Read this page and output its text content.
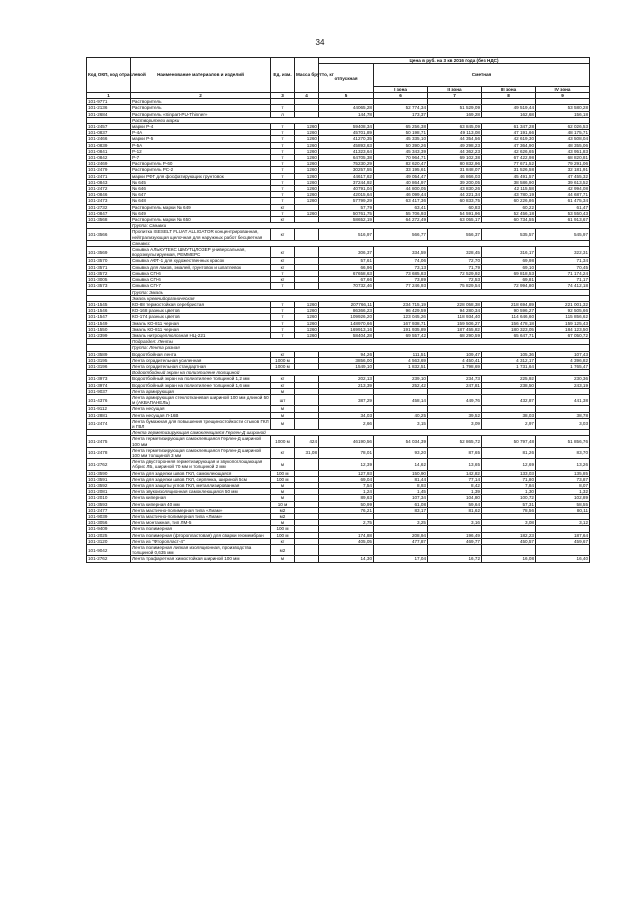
34
Код ОКП, код отраслевой	Наименование материалов и изделий	Ед. изм.	Масса брутто, кг	Цена в руб. на 3 кв 2016 года (без НДС)				
				отпускная	Сметная			
					I зона	II зона	III зона	IV зона
1	2	3	4	5	6	7	8	9
101-9771	Растворитель							
101-2136	Растворитель	т		44065,28	52 774,34	51 529,09	49 519,44	53 580,28
101-2684	Растворитель «Sinpart-PU-Thinner»	л		144,78	173,37	169,28	162,68	156,18
	Растворители марки							
101-2457	марки Р-4	т	1260	59408,34	65 256,38	63 845,09	61 347,28	62 026,53
101-0837	Р-4А	т	1260	45701,89	50 198,71	49 113,08	47 191,66	48 175,71
101-2466	марки Р-5	т	1260	41270,35	45 335,10	44 354,56	42 619,30	43 508,04
101-0839	Р-5А	т	1260	45893,63	50 390,26	49 298,23	47 364,90	48 355,06
101-0841	Р-12	т	1260	41323,64	45 343,39	44 362,23	42 626,65	43 951,83
101-0842	Р-7	т	1260	64705,38	70 964,71	69 102,38	67 422,98	68 820,81
101-2469	Растворитель Р-60	т	1260	75230,29	82 620,47	80 832,96	77 671,52	79 291,06
101-2479	Растворитель РС-2	т	1260	30257,55	33 195,61	31 848,07	31 526,58	32 181,91
101-2471	марки РФГ для фосфатирующих грунтовок	т	1260	44617,62	49 054,47	46 866,03	45 491,57	47 455,32
101-0843	№ 645	т	1260	37244,92	40 864,97	39 200,05	38 586,90	39 613,52
101-2472	№ 646	т	1260	40791,04	44 800,05	43 830,26	42 115,58	42 994,08
101-0846	№ 647	т	1260	42015,64	46 099,44	44 221,34	43 780,19	44 687,71
101-2473	№ 648	т	1260	57799,29	63 417,36	60 833,75	60 226,86	61 475,34
101-2732	Растворитель марки № 649	кг		57,79	63,41	60,83	60,22	61,47
101-0847	№ 649	т	1260	50761,75	55 706,93	54 591,96	52 456,18	53 550,43
101-3568	Растворитель марки № 650	кг		58652,19	64 272,49	63 055,17	60 734,55	61 913,67
	Группа: Смывки							
101-3566	Пропитка ISESELT FLUAT ALLIGATOR концентрированная, нейтрализующая щелочная для наружных работ бесцветная	кг		516,97	566,77	556,37	535,57	545,97
	Смывки:							
101-3569	Смывка АЛЬКУТЕКС ШМУТЦЛОЗЕР универсальная, водоэмульгируемая, РЕММЕРС	кг		306,37	334,59	328,45	316,17	322,31
101-3570	Смывка АФТ-1 для художественных красок	кг		57,61	74,06	72,70	69,98	71,34
101-3571	Смывка для лаков, эмалей, грунтовок и шпатлевок	кг		66,96	73,13	71,79	69,10	70,45
101-3572	Смывка СП-6	т		67658,63	73 685,83	72 529,92	69 818,53	71 174,24
101-3005	Смывка СП-6	кг		67,66	73,89	72,53	69,81	71,17
101-3573	Смывка СП-7	т		70732,46	77 246,93	75 829,54	72 994,80	74 412,18
	Группа: Эмаль							
	Эмаль кремнийорганическая							
101-1545	КО-88 термостойкая серебристая	т	1260	207766,11	234 715,19	228 058,38	218 694,89	221 001,32
101-1546	КО-168 разных цветов	т	1260	86366,23	96 429,59	94 280,34	90 596,27	92 505,66
101-1547	КО-174 разных цветов	т	1260	109926,20	123 045,26	118 934,40	114 646,60	115 856,62
101-1549	Эмаль КО-811 черная	т	1260	148970,66	167 938,71	159 506,27	156 478,18	159 125,43
101-1550	Эмаль КО-811 черная	т	1260	169913,16	191 935,89	187 455,82	180 323,05	184 123,50
101-2399	Эмаль нитроцеллюлозная НЦ-221	т	1260	58404,28	69 557,42	68 290,59	65 647,71	67 050,72
	Подраздел: Ленты							
	Группа: Лента разная							
101-3589	Водоотбойная лента	кг		94,26	111,51	109,47	105,36	107,43
101-3195	Лента оградительная усиленная	1000 м		3856,00	4 563,69	4 450,41	4 312,17	4 396,82
101-3196	Лента оградительная стандартная	1000 м		1549,10	1 832,51	1 798,69	1 731,64	1 765,47
	Водоотбойный экран на полиэтилене толщиной							
101-3973	Водоотбойный экран на полиэтилене толщиной 1,2 мм	кг		202,13	239,10	234,73	225,92	230,36
101-3974	Водоотбойный экран на полиэтилене толщиной 1,6 мм	кг		213,39	252,42	247,81	238,50	243,19
101-9037	Лента армирующая	м						
101-4376	Лента армирующая стеклотканевая шириной 100 мм длиной 50 м (АКВАПАНЕЛЬ)	шт		387,29	458,14	449,76	432,87	441,38
101-9112	Лента несущая	м						
101-2881	Лента несущая Л-16В	м		34,03	40,25	39,52	38,03	38,78
101-2474	Лента бумажная для повышения трещиностойкости стыков ГКЛ и ГВЛ	м		2,66	3,15	3,09	2,97	3,03
	Лента герметизирующая самоклеящаяся Герлен-Д шириной							
101-2475	Лента герметизирующая самоклеящаяся Герлен-Д шириной 100 мм	1000 м	424	46190,56	54 034,39	52 865,72	50 797,48	51 856,76
101-2478	Лента герметизирующая самоклеящаяся Герлен-Д шириной 100 мм толщиной 3 мм	кг	31,08	78,01	93,20	87,65	81,26	83,70
101-2762	Лента двусторонняя герметизирующая и звукопоглощающая Абрис ЛБ, шириной 70 мм и толщиной 2 мм	м		12,39	14,62	13,65	12,69	13,26
101-3590	Лента для заделки швов ГКЛ, самоклеющаяся	100 м		127,93	150,90	142,82	133,03	135,85
101-3591	Лента для заделки швов ГКЛ, серпянка, шириной 5см	100 м		69,04	81,44	77,14	71,80	73,87
101-3592	Лента для защиты углов ГКЛ, металлизированная	м		7,54	8,93	8,42	7,84	8,07
101-2081	Лента звукоизоляционная самоклеющаяся 50 мм	м		1,24	1,45	1,39	1,30	1,32
101-2010	Лента киперная	м		89,63	107,34	104,80	100,72	102,89
101-3593	Лента киперная 40 мм	10 м		50,99	61,08	59,64	57,31	58,55
101-2477	Лента мастично-полимерная типа «Лиам»	м2		76,21	83,17	81,62	78,56	80,11
101-9039	Лента мастично-полимерная типа «Лиам»	м2						
101-3056	Лента монтажная, тип ЛМ-5	м		2,75	3,25	3,16	3,08	3,12
101-9409	Лента полимерная	100 м						
101-2025	Лента полимерная (фторопластовая) для сварки геомембран	100 м		174,88	208,94	196,49	182,23	187,64
101-3120	Лента из "Фторопласт-4"	кг		405,05	477,87	469,77	450,57	459,67
101-9042	Лента полимерная липкая изоляционная, производства толщиной 0,635 мм	м2						
101-2762	Лента трафаретная химостойкая шириной 100 мм	м		14,30	17,04	16,72	16,08	16,40
